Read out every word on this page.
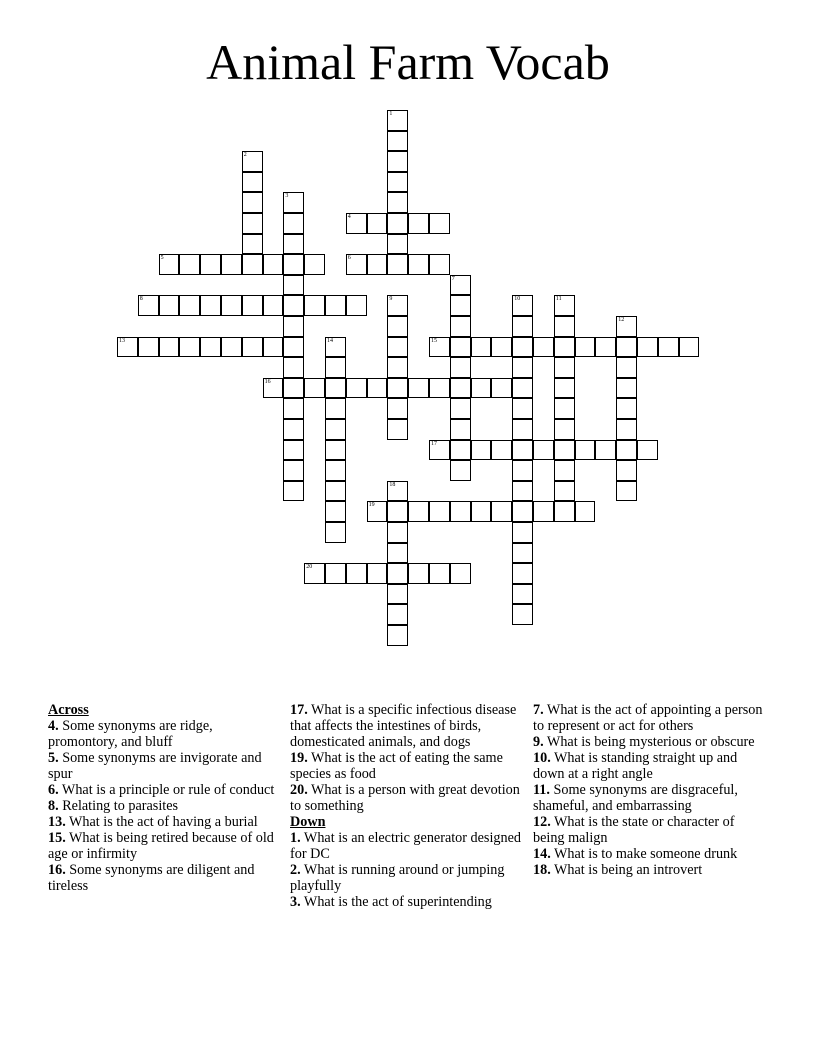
Animal Farm Vocab
1
2
3
4
5	6
7
8	9	10	11
12
13	14	15
16
17
18
19
20
Across
4. Some synonyms are ridge, promontory, and bluff
5. Some synonyms are invigorate and spur
6. What is a principle or rule of conduct
8. Relating to parasites
13. What is the act of having a burial
15. What is being retired because of old age or infirmity
16. Some synonyms are diligent and tireless
17. What is a specific infectious disease that affects the intestines of birds, domesticated animals, and dogs
19. What is the act of eating the same species as food
20. What is a person with great devotion to something
Down
1. What is an electric generator designed for DC
2. What is running around or jumping playfully
3. What is the act of superintending
7. What is the act of appointing a person to represent or act for others
9. What is being mysterious or obscure
10. What is standing straight up and down at a right angle
11. Some synonyms are disgraceful, shameful, and embarrassing
12. What is the state or character of being malign
14. What is to make someone drunk
18. What is being an introvert
